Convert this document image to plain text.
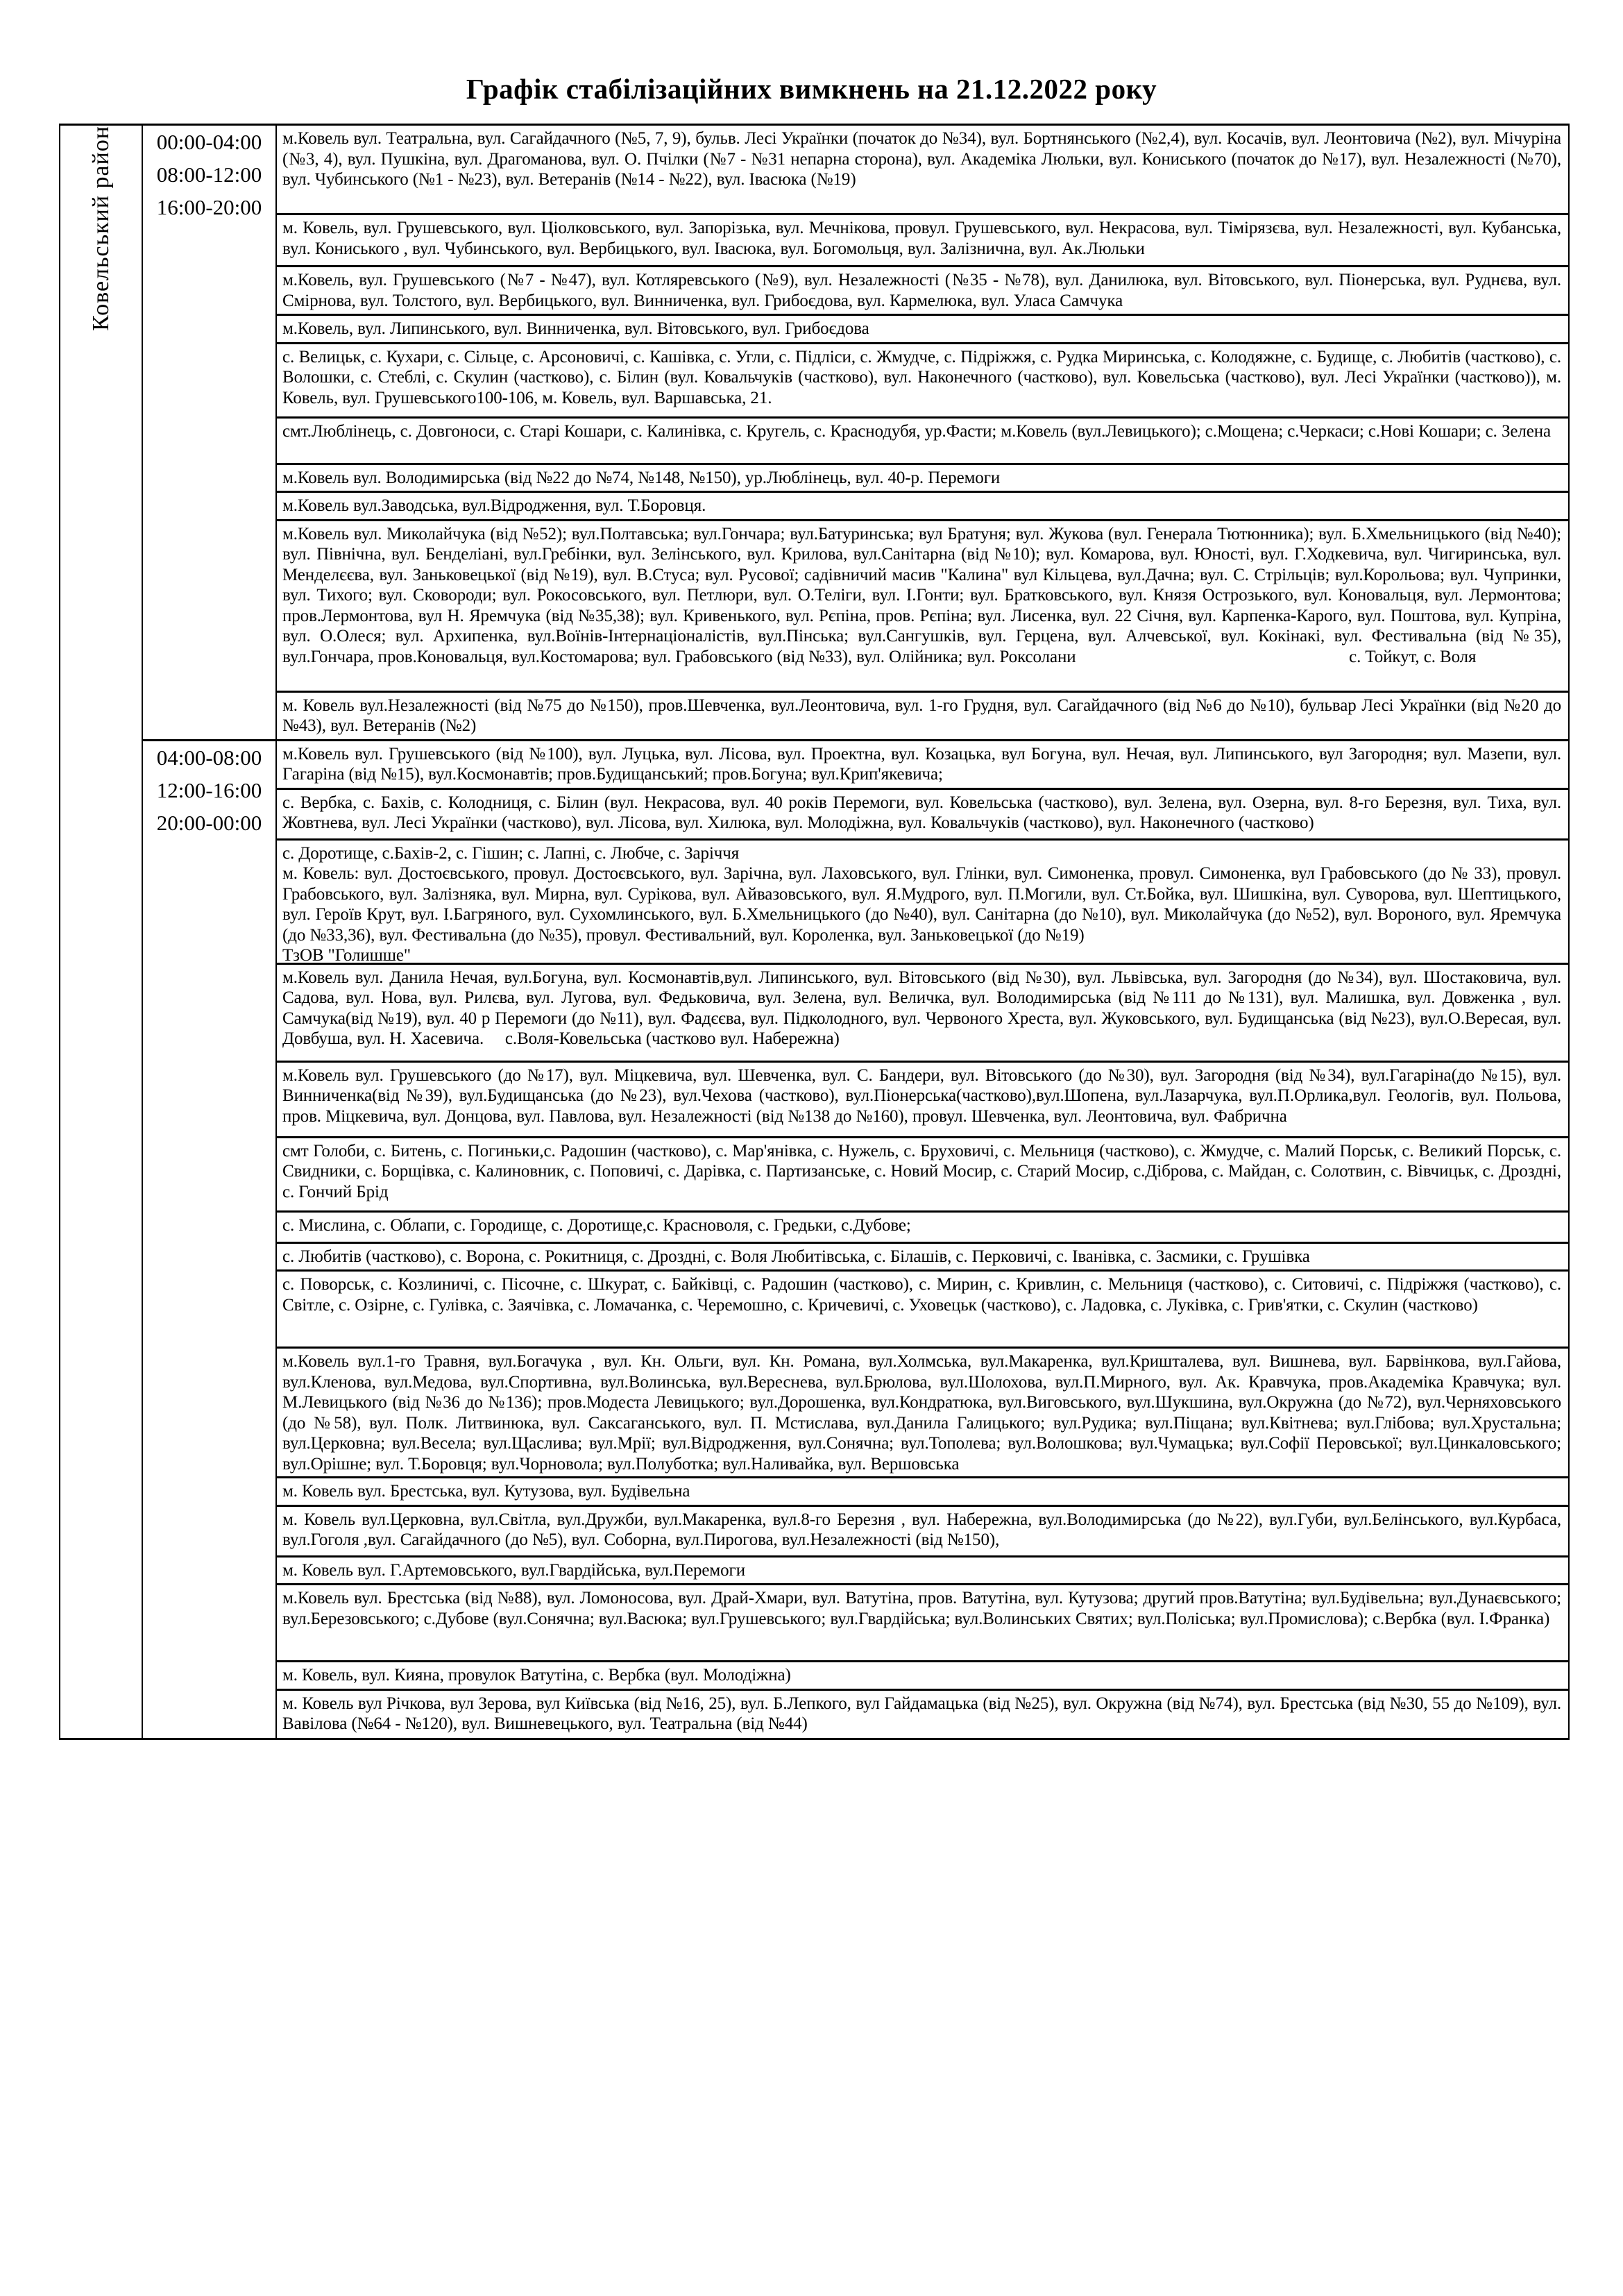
Графік стабілізаційних вимкнень на 21.12.2022 року
Ковельський район	00:00-04:00
08:00-12:00
16:00-20:00

м.Ковель вул. Театральна, вул. Сагайдачного (№5, 7, 9), бульв. Лесі Українки (початок до №34), вул. Бортнянського (№2,4), вул. Косачів, вул. Леонтовича (№2), вул. Мічуріна (№3, 4), вул. Пушкіна, вул. Драгоманова, вул. О. Пчілки (№7 - №31 непарна сторона), вул. Академіка Люльки, вул. Кониського (початок до №17), вул. Незалежності (№70), вул. Чубинського (№1 - №23), вул. Ветеранів (№14 - №22), вул. Івасюка (№19)

		м. Ковель, вул. Грушевського, вул. Ціолковського, вул. Запорізька, вул. Мечнікова, провул. Грушевського, вул. Некрасова, вул. Тімірязєва, вул. Незалежності, вул. Кубанська, вул. Кониського , вул. Чубинського, вул. Вербицького, вул. Івасюка, вул. Богомольця, вул. Залізнична, вул. Ак.Люльки

		м.Ковель, вул. Грушевського (№7 - №47), вул. Котляревського (№9), вул. Незалежності (№35 - №78), вул. Данилюка, вул. Вітовського, вул. Піонерська, вул. Руднєва, вул. Смірнова, вул. Толстого, вул. Вербицького, вул. Винниченка, вул. Грибоєдова, вул. Кармелюка, вул. Уласа Самчука

		м.Ковель, вул. Липинського, вул. Винниченка, вул. Вітовського, вул. Грибоєдова

		с. Велицьк, с. Кухари, с. Сільце, с. Арсоновичі, с. Кашівка, с. Угли, с. Підліси, с. Жмудче, с. Підріжжя, с. Рудка Миринська, с. Колодяжне, с. Будище, с. Любитів (частково), с. Волошки, с. Стеблі, с. Скулин (частково), с. Білин (вул. Ковальчуків (частково), вул. Наконечного (частково), вул. Ковельська (частково), вул. Лесі Українки (частково)), м. Ковель, вул. Грушевського100-106, м. Ковель, вул. Варшавська, 21.

		смт.Люблінець, с. Довгоноси, с. Старі Кошари, с. Калинівка, с. Кругель, с. Краснодубя, ур.Фасти; м.Ковель (вул.Левицького); с.Мощена; с.Черкаси; с.Нові Кошари; с. Зелена

		м.Ковель вул. Володимирська (від №22 до №74, №148, №150), ур.Люблінець, вул. 40-р. Перемоги

		м.Ковель вул.Заводська, вул.Відродження, вул. Т.Боровця.

		м.Ковель вул. Миколайчука (від №52); вул.Полтавська; вул.Гончара; вул.Батуринська; вул Братуня; вул. Жукова (вул. Генерала Тютюнника); вул. Б.Хмельницького (від №40); вул. Північна, вул. Бенделіані, вул.Гребінки, вул. Зелінського, вул. Крилова, вул.Санітарна (від №10); вул. Комарова, вул. Юності, вул. Г.Ходкевича, вул. Чигиринська, вул. Менделєєва, вул. Заньковецької (від №19), вул. В.Стуса; вул. Русової; садівничий масив "Калина" вул Кільцева, вул.Дачна; вул. С. Стрільців; вул.Корольова; вул. Чупринки, вул. Тихого; вул. Сковороди; вул. Рокосовського, вул. Петлюри, вул. О.Теліги, вул. І.Гонти; вул. Братковського, вул. Князя Острозького, вул. Коновальця, вул. Лермонтова; пров.Лермонтова, вул Н. Яремчука (від №35,38); вул. Кривенького, вул. Рєпіна, пров. Рєпіна; вул. Лисенка, вул. 22 Січня, вул. Карпенка-Карого, вул. Поштова, вул. Купріна, вул. О.Олеся; вул. Архипенка, вул.Воїнів-Інтернаціоналістів, вул.Пінська; вул.Сангушків, вул. Герцена, вул. Алчевської, вул. Кокінакі, вул. Фестивальна (від №35), вул.Гончара, пров.Коновальця, вул.Костомарова; вул. Грабовського (від №33), вул. Олійника; вул. Роксолани                                                                с. Тойкут, с. Воля

		м. Ковель вул.Незалежності (від №75 до №150), пров.Шевченка, вул.Леонтовича, вул. 1-го Грудня, вул. Сагайдачного (від №6 до №10), бульвар Лесі Українки (від №20 до №43), вул. Ветеранів (№2)

04:00-08:00
12:00-16:00
20:00-00:00

м.Ковель вул. Грушевського (від №100), вул. Луцька, вул. Лісова, вул. Проектна, вул. Козацька, вул Богуна, вул. Нечая, вул. Липинського, вул Загородня; вул. Мазепи, вул. Гагаріна (від №15), вул.Космонавтів; пров.Будищанський; пров.Богуна; вул.Крип'якевича;

		с. Вербка, с. Бахів, с. Колодниця, с. Білин (вул. Некрасова, вул. 40 років Перемоги, вул. Ковельська (частково), вул. Зелена, вул. Озерна, вул. 8-го Березня, вул. Тиха, вул. Жовтнева, вул. Лесі Українки (частково), вул. Лісова, вул. Хилюка, вул. Молодіжна, вул. Ковальчуків (частково), вул. Наконечного (частково)

		с. Доротище, с.Бахів-2, с. Гішин; с. Лапні, с. Любче, с. Заріччя
м. Ковель: вул. Достоєвського, провул. Достоєвського, вул. Зарічна, вул. Лаховського, вул. Глінки, вул. Симоненка, провул. Симоненка, вул Грабовського (до № 33), провул. Грабовського, вул. Залізняка, вул. Мирна, вул. Сурікова, вул. Айвазовського, вул. Я.Мудрого, вул. П.Могили, вул. Ст.Бойка, вул. Шишкіна, вул. Суворова, вул. Шептицького, вул. Героїв Крут, вул. І.Багряного, вул. Сухомлинського, вул. Б.Хмельницького (до №40), вул. Санітарна (до №10), вул. Миколайчука (до №52), вул. Вороного, вул. Яремчука (до №33,36), вул. Фестивальна (до №35), провул. Фестивальний, вул. Короленка, вул. Заньковецької (до №19)
ТзОВ "Голишше"

		м.Ковель вул. Данила Нечая, вул.Богуна, вул. Космонавтів,вул. Липинського, вул. Вітовського (від №30), вул. Львівська, вул. Загородня (до №34), вул. Шостаковича, вул. Садова, вул. Нова, вул. Рилєва, вул. Лугова, вул. Федьковича, вул. Зелена, вул. Величка, вул. Володимирська (від №111 до №131), вул. Малишка, вул. Довженка , вул. Самчука(від №19), вул. 40 р Перемоги (до №11), вул. Фадєєва, вул. Підколодного, вул. Червоного Хреста, вул. Жуковського, вул. Будищанська (від №23), вул.О.Вересая, вул. Довбуша, вул. Н. Хасевича.     с.Воля-Ковельська (частково вул. Набережна)

		м.Ковель вул. Грушевського (до №17), вул. Міцкевича, вул. Шевченка, вул. С. Бандери, вул. Вітовського (до №30), вул. Загородня (від №34), вул.Гагаріна(до №15), вул. Винниченка(від №39), вул.Будищанська (до №23), вул.Чехова (частково), вул.Піонерська(частково),вул.Шопена, вул.Лазарчука, вул.П.Орлика,вул. Геологів, вул. Польова, пров. Міцкевича, вул. Донцова, вул. Павлова, вул. Незалежності (від №138 до №160), провул. Шевченка, вул. Леонтовича, вул. Фабрична

		смт Голоби, с. Битень, с. Погиньки,с. Радошин (частково), с. Мар'янівка, с. Нужель, с. Бруховичі, с. Мельниця (частково), с. Жмудче, с. Малий Порськ, с. Великий Порськ, с. Свидники, с. Борщівка, с. Калиновник, с. Поповичі, с. Дарівка, с. Партизанське, с. Новий Мосир, с. Старий Мосир, с.Діброва, с. Майдан, с. Солотвин, с. Вівчицьк, с. Дроздні, с. Гончий Брід

		с. Мислина, с. Облапи, с. Городище, с. Доротище,с. Красноволя, с. Гредьки, с.Дубове;

		с. Любитів (частково), с. Ворона, с. Рокитниця, с. Дроздні, с. Воля Любитівська, с. Білашів, с. Перковичі, с. Іванівка, с. Засмики, с. Грушівка

		с. Поворськ, с. Козлиничі, с. Пісочне, с. Шкурат, с. Байківці, с. Радошин (частково), с. Мирин, с. Кривлин, с. Мельниця (частково), с. Ситовичі, с. Підріжжя (частково), с. Світле, с. Озірне, с. Гулівка, с. Заячівка, с. Ломачанка, с. Черемошно, с. Кричевичі, с. Уховецьк (частково), с. Ладовка, с. Луківка, с. Грив'ятки, с. Скулин (частково)

		м.Ковель вул.1-го Травня, вул.Богачука , вул. Кн. Ольги, вул. Кн. Романа, вул.Холмська, вул.Макаренка, вул.Кришталева, вул. Вишнева, вул. Барвінкова, вул.Гайова, вул.Кленова, вул.Медова, вул.Спортивна, вул.Волинська, вул.Вереснева, вул.Брюлова, вул.Шолохова, вул.П.Мирного, вул. Ак. Кравчука, пров.Академіка Кравчука; вул. М.Левицького (від №36 до №136); пров.Модеста Левицького; вул.Дорошенка, вул.Кондратюка, вул.Виговського, вул.Шукшина, вул.Окружна (до №72), вул.Черняховського (до №58), вул. Полк. Литвинюка, вул. Саксаганського, вул. П. Мстислава, вул.Данила Галицького; вул.Рудика; вул.Піщана; вул.Квітнева; вул.Глібова; вул.Хрустальна; вул.Церковна; вул.Весела; вул.Щаслива; вул.Мрії; вул.Відродження, вул.Сонячна; вул.Тополева; вул.Волошкова; вул.Чумацька; вул.Софії Перовської; вул.Цинкаловського; вул.Орішне; вул. Т.Боровця; вул.Чорновола; вул.Полуботка; вул.Наливайка, вул. Вершовська

		м. Ковель вул. Брестська, вул. Кутузова, вул. Будівельна

		м. Ковель вул.Церковна, вул.Світла, вул.Дружби, вул.Макаренка, вул.8-го Березня , вул. Набережна, вул.Володимирська (до №22), вул.Губи, вул.Белінського, вул.Курбаса, вул.Гоголя ,вул. Сагайдачного (до №5), вул. Соборна, вул.Пирогова, вул.Незалежності (від №150),

		м. Ковель вул. Г.Артемовського, вул.Гвардійська, вул.Перемоги

		м.Ковель вул. Брестська (від №88), вул. Ломоносова, вул. Драй-Хмари, вул. Ватутіна, пров. Ватутіна, вул. Кутузова; другий пров.Ватутіна; вул.Будівельна; вул.Дунаєвського; вул.Березовського; с.Дубове (вул.Сонячна; вул.Васюка; вул.Грушевського; вул.Гвардійська; вул.Волинських Святих; вул.Поліська; вул.Промислова); с.Вербка (вул. І.Франка)

		м. Ковель, вул. Кияна, провулок Ватутіна, с. Вербка (вул. Молодіжна)

		м. Ковель вул Річкова, вул Зерова, вул Київська (від №16, 25), вул. Б.Лепкого, вул Гайдамацька (від №25), вул. Окружна (від №74), вул. Брестська (від №30, 55 до №109), вул. Вавілова (№64 - №120), вул. Вишневецького, вул. Театральна (від №44)
